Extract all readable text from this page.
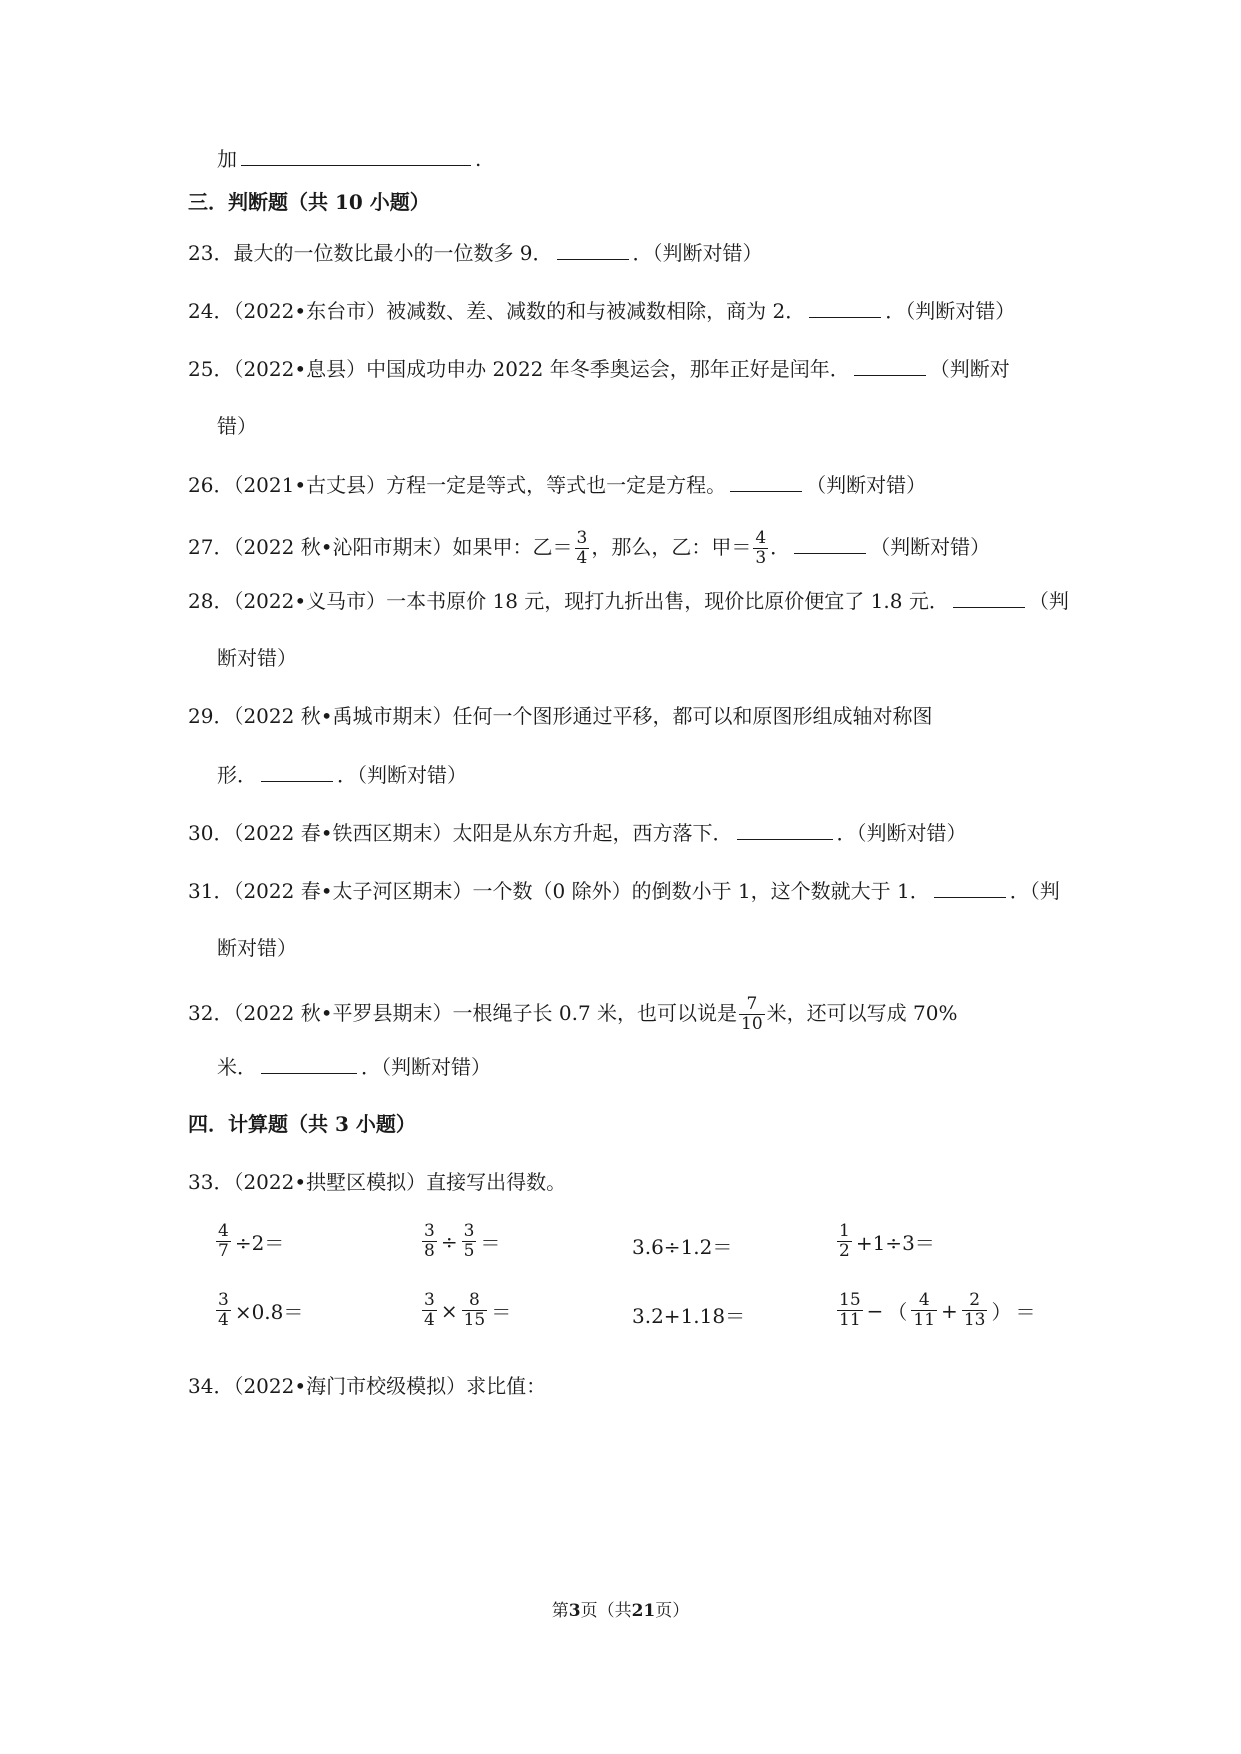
加	.
三．判断题（共 10 小题）
23．最大的一位数比最小的一位数多 9．	．（判断对错）
24．（2022•东台市）被减数、差、减数的和与被减数相除，商为 2．	．（判断对错）
25．（2022•息县）中国成功申办 2022 年冬季奥运会，那年正好是闰年．	（判断对
错）
26．（2021•古丈县）方程一定是等式，等式也一定是方程。	（判断对错）
27．（2022 秋•沁阳市期末）如果甲：乙＝ $\frac{3}{4}$ ，那么，乙：甲＝ $\frac{4}{3}$ ．	（判断对错）
28．（2022•义马市）一本书原价 18 元，现打九折出售，现价比原价便宜了 1.8 元．	（判
断对错）
29．（2022 秋•禹城市期末）任何一个图形通过平移，都可以和原图形组成轴对称图
形．	．（判断对错）
30．（2022 春•铁西区期末）太阳是从东方升起，西方落下．	．（判断对错）
31．（2022 春•太子河区期末）一个数（0 除外）的倒数小于 1，这个数就大于 1．	．（判
断对错）
32．（2022 秋•平罗县期末）一根绳子长 0.7 米，也可以说是 $\frac{7}{10}$ 米，还可以写成 70%
米．	．（判断对错）
四．计算题（共 3 小题）
33．（2022•拱墅区模拟）直接写出得数。
$\frac{4}{7} \div 2=$	$\frac{3}{8} \div \frac{3}{5}$ ＝	3.6÷1.2＝	$\frac{1}{2} +1\div 3=$
$\frac{3}{4} \times 0.8=$	$\frac{3}{4} \times \frac{8}{15}$ ＝	3.2+1.18＝	$\frac{15}{11}$ − （ $\frac{4}{11} + \frac{2}{13}$ ） ＝
34．（2022•海门市校级模拟）求比值：
第3页（共21页）
